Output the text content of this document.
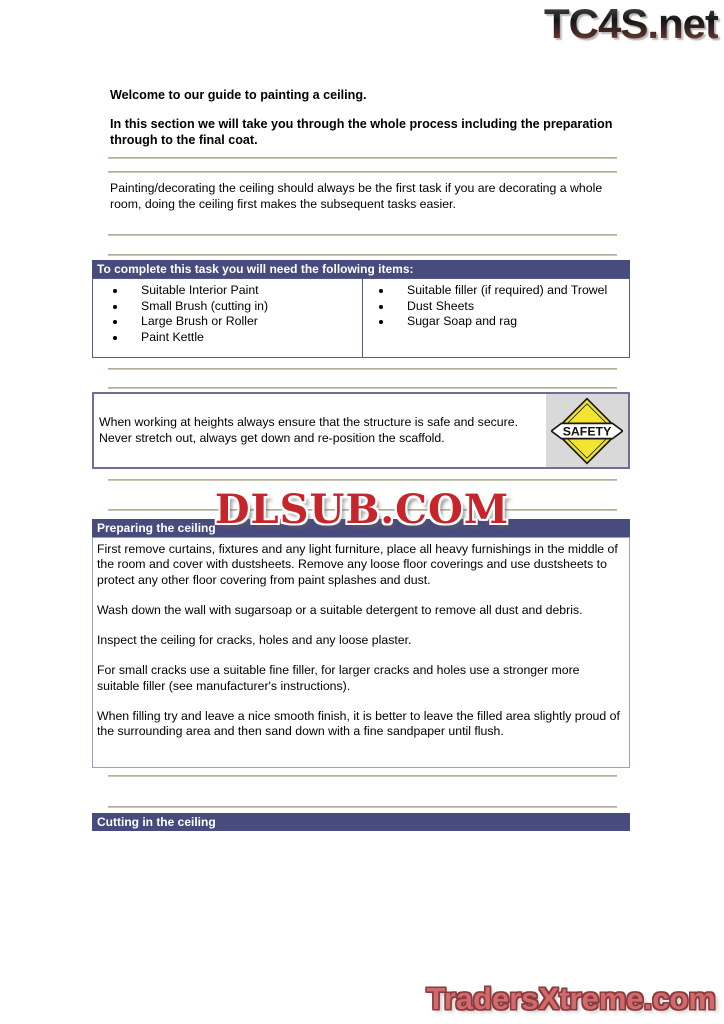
TC4S.net
Welcome to our guide to painting a ceiling.
In this section we will take you through the whole process including the preparation through to the final coat.
Painting/decorating the ceiling should always be the first task if you are decorating a whole room, doing the ceiling first makes the subsequent tasks easier.
To complete this task you will need the following items:
• Suitable Interior Paint
• Small Brush (cutting in)
• Large Brush or Roller
• Paint Kettle
• Suitable filler (if required) and Trowel
• Dust Sheets
• Sugar Soap and rag
When working at heights always ensure that the structure is safe and secure. Never stretch out, always get down and re-position the scaffold.	SAFETY
DLSUB.COM
Preparing the ceiling

First remove curtains, fixtures and any light furniture, place all heavy furnishings in the middle of the room and cover with dustsheets. Remove any loose floor coverings and use dustsheets to protect any other floor covering from paint splashes and dust.

Wash down the wall with sugarsoap or a suitable detergent to remove all dust and debris.

Inspect the ceiling for cracks, holes and any loose plaster.

For small cracks use a suitable fine filler, for larger cracks and holes use a stronger more suitable filler (see manufacturer's instructions).

When filling try and leave a nice smooth finish, it is better to leave the filled area slightly proud of the surrounding area and then sand down with a fine sandpaper until flush.

Cutting in the ceiling
TradersXtreme.com
